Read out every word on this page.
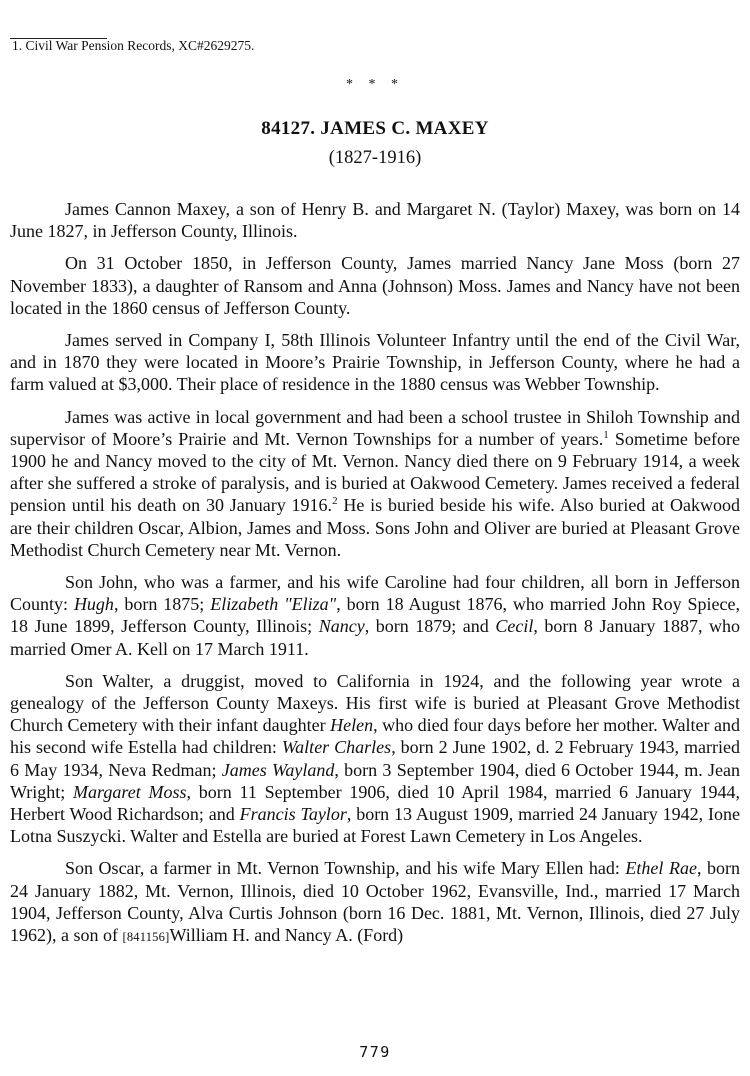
1. Civil War Pension Records, XC#2629275.
* * *
84127. JAMES C. MAXEY
(1827-1916)

James Cannon Maxey, a son of Henry B. and Margaret N. (Taylor) Maxey, was born on 14 June 1827, in Jefferson County, Illinois.

On 31 October 1850, in Jefferson County, James married Nancy Jane Moss (born 27 November 1833), a daughter of Ransom and Anna (Johnson) Moss. James and Nancy have not been located in the 1860 census of Jefferson County.

James served in Company I, 58th Illinois Volunteer Infantry until the end of the Civil War, and in 1870 they were located in Moore’s Prairie Township, in Jefferson County, where he had a farm valued at $3,000. Their place of residence in the 1880 census was Webber Township.

James was active in local government and had been a school trustee in Shiloh Township and supervisor of Moore’s Prairie and Mt. Vernon Townships for a number of years.$^1$ Sometime before 1900 he and Nancy moved to the city of Mt. Vernon. Nancy died there on 9 February 1914, a week after she suffered a stroke of paralysis, and is buried at Oakwood Cemetery. James received a federal pension until his death on 30 January 1916.$^2$ He is buried beside his wife. Also buried at Oakwood are their children Oscar, Albion, James and Moss. Sons John and Oliver are buried at Pleasant Grove Methodist Church Cemetery near Mt. Vernon.

Son John, who was a farmer, and his wife Caroline had four children, all born in Jefferson County: Hugh, born 1875; Elizabeth "Eliza", born 18 August 1876, who married John Roy Spiece, 18 June 1899, Jefferson County, Illinois; Nancy, born 1879; and Cecil, born 8 January 1887, who married Omer A. Kell on 17 March 1911.

Son Walter, a druggist, moved to California in 1924, and the following year wrote a genealogy of the Jefferson County Maxeys. His first wife is buried at Pleasant Grove Methodist Church Cemetery with their infant daughter Helen, who died four days before her mother. Walter and his second wife Estella had children: Walter Charles, born 2 June 1902, d. 2 February 1943, married 6 May 1934, Neva Redman; James Wayland, born 3 September 1904, died 6 October 1944, m. Jean Wright; Margaret Moss, born 11 September 1906, died 10 April 1984, married 6 January 1944, Herbert Wood Richardson; and Francis Taylor, born 13 August 1909, married 24 January 1942, Ione Lotna Suszycki. Walter and Estella are buried at Forest Lawn Cemetery in Los Angeles.

Son Oscar, a farmer in Mt. Vernon Township, and his wife Mary Ellen had: Ethel Rae, born 24 January 1882, Mt. Vernon, Illinois, died 10 October 1962, Evansville, Ind., married 17 March 1904, Jefferson County, Alva Curtis Johnson (born 16 Dec. 1881, Mt. Vernon, Illinois, died 27 July 1962), a son of [841156]William H. and Nancy A. (Ford)

779
